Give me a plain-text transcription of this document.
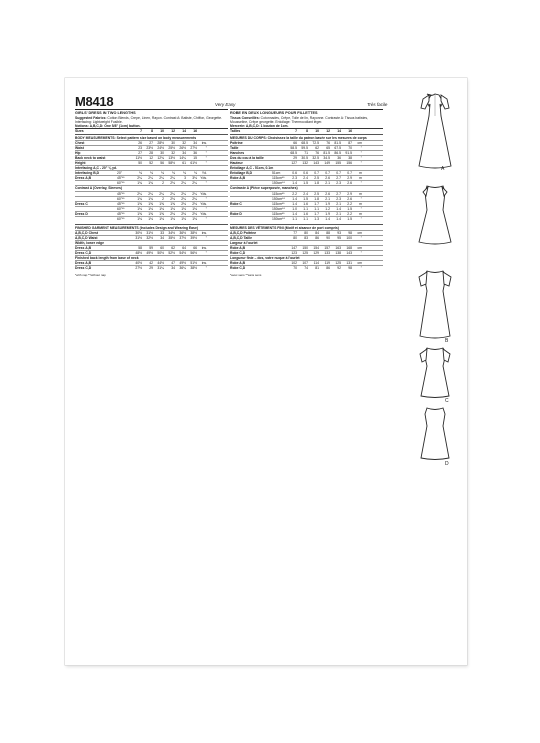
M8418	Very Easy	Très facile
GIRLS' DRESS IN TWO LENGTHS
Suggested Fabrics: Cotton Blends, Crepe, Linen, Rayon. Contrast A: Batiste, Chiffon, Georgette. Interfacing: Lightweight Fusible.
Notions: A,B,C,D: One 5/8" (1cm) button.
Sizes	7	8	10	12	14	16
BODY MEASUREMENTS: Select pattern size based on body measurements
Chest	26	27	28½	30	32	34	ins.
Waist	23	23½	24½	25½	26½	27½	"
Hip	27	28	30	32	34	36	"
Back neck to waist	11½	12	12¾	13½	14¼	15	"
Height	50	52	56	58½	61	61½	"
Interfacing A,C - 20" ⅛ yd.
Interfacing B,D	20"	⅛	⅛	⅛	⅛	⅛	⅛	Yd.
Dress A,B	45"**	2¼	2¼	2¼	2¼	3	3⅛ Yds.
60"**	1¾	1¾	2	2⅛	2¼	2¼	"
Contrast A (Overlay, Sleeves)
45"**	2¼	2¼	2¼	2¼	2¼	2¼ Yds.
60"**	1¾	1¾	2	2⅛	2¼	2¼	"
Dress C	45"**	1⅝	1⅝	1⅝	1⅝	2⅛	2⅛ Yds.
60"**	1⅛	1⅛	1⅛	1⅛	1⅛	1⅛	"
Dress D	45"**	1⅝	1⅝	1⅝	2⅛	2⅛	2⅛ Yds.
60"**	1⅛	1⅛	1⅛	1⅛	1⅛	1⅛	"
FINISHED GARMENT MEASUREMENTS (Includes Design and Wearing Ease)
A,B,C,D Chest	30½	31½	33	34½	36½	38½	ins.
A,B,C,D Waist	31½	32½	34	35½	37½	39½	"
Width, lower edge
Dress A,B	58	59	60	62	64	66	ins.
Dress C,D	48½	49½	50½	52½	54½	56½	"
Finished back length from base of neck
Dress A,B	40½	42	44½	47	49½	51½	ins.
Dress C,D	27½	29	31¼	34	36¼	38½	"
*with nap **without nap
ROBE EN DEUX LONGUEURS POUR FILLETTES
Tissus Conseillés: Cotonnades, Crêpe, Toile de lin, Rayonne. Contraste A: Tissus batistes, Mousseline, Crêpe georgette. Entoilage: Thermocollant léger.
Mercerie: A,B,C,D: 1 bouton de 1cm.
Tailles	7	8	10	12	14	16
MESURES DU CORPS: Choisissez la taille du patron basée sur les mesures de corps
Poitrine	66	68.5	72.5	76	81.5	87	cm
Taille	58.5	59.5	62	65	67.5	70	"
Hanches	68.5	71	76	81.5	86.5	91.5	"
Dos du cou à la taille	29	30.5	32.5	34.5	36	38	"
Hauteur	127	132	143	149	155	156	"
Entoilage A,C - 51cm, 0.1m
Entoilage B,D	51cm	0.6	0.6	0.7	0.7	0.7	0.7	m
Robe A,B	115cm**	2.3	2.4	2.5	2.6	2.7	2.9	m
150cm**	1.4	1.5	1.8	2.1	2.3	2.6	"
Contraste A (Pièce superposée, manches)
115cm**	2.2	2.4	2.5	2.6	2.7	2.9	m
150cm**	1.4	1.5	1.8	2.1	2.3	2.6	"
Robe C	115cm**	1.4	1.6	1.7	1.9	2.1	2.2	m
150cm**	1.0	1.1	1.1	1.2	1.4	1.5	"
Robe D	115cm**	1.4	1.6	1.7	1.9	2.1	2.2	m
150cm**	1.1	1.1	1.3	1.4	1.4	1.5	"
MESURES DES VÊTEMENTS FINI (Motif et aisance de port compris)
A,B,C,D Poitrine	77	80	84	88	93	98	cm
A,B,C,D Taille	80	83	86	90	95	100	"
Largeur à l'ourlet
Robe A,B	147	150	154	157	163	168	cm
Robe C,D	123	125	129	133	138	143	"
Longueur finie – dos, votre nuque à l'ourlet
Robe A,B	102	107	114	119	125	131	cm
Robe C,D	70	74	81	86	92	98	"
*avec sens **sans sens
A
B
C
D
